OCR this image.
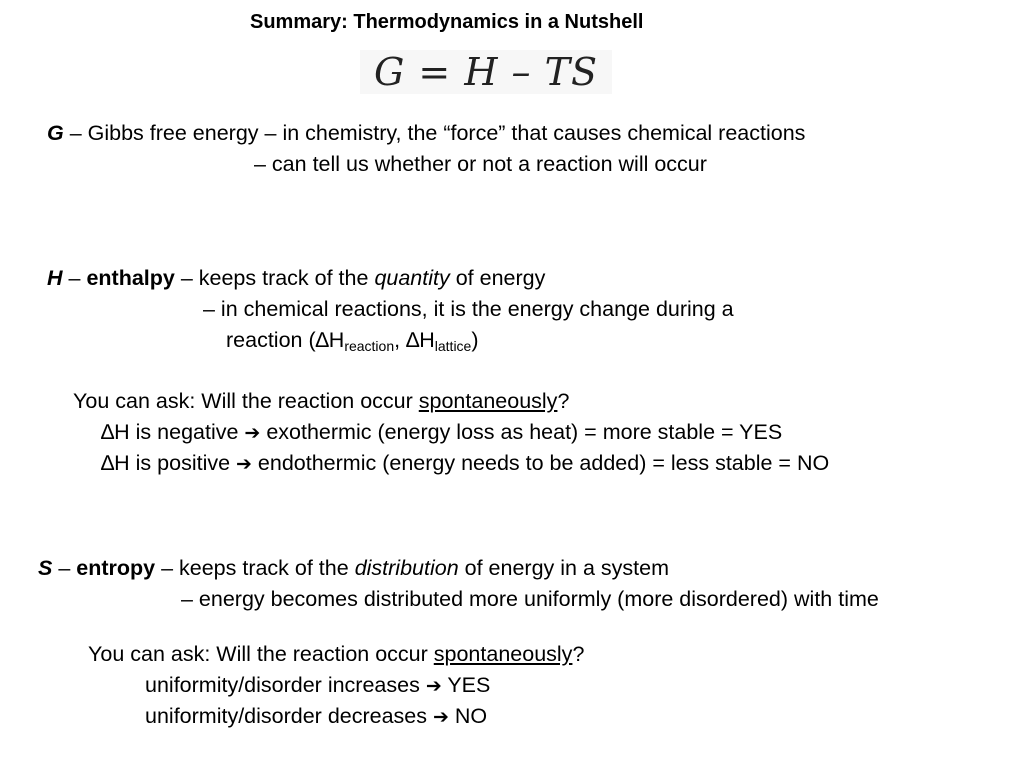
Summary: Thermodynamics in a Nutshell
G = H – TS
G – Gibbs free energy – in chemistry, the “force” that causes chemical reactions
– can tell us whether or not a reaction will occur
H – enthalpy – keeps track of the quantity of energy
– in chemical reactions, it is the energy change during a
reaction ($\Delta H_{reaction}$, $\Delta H_{lattice}$)
You can ask: Will the reaction occur spontaneously?
∆H is negative ➔ exothermic (energy loss as heat) = more stable = YES
∆H is positive ➔ endothermic (energy needs to be added) = less stable = NO
S – entropy – keeps track of the distribution of energy in a system
– energy becomes distributed more uniformly (more disordered) with time
You can ask: Will the reaction occur spontaneously?
uniformity/disorder increases ➔ YES
uniformity/disorder decreases ➔ NO
